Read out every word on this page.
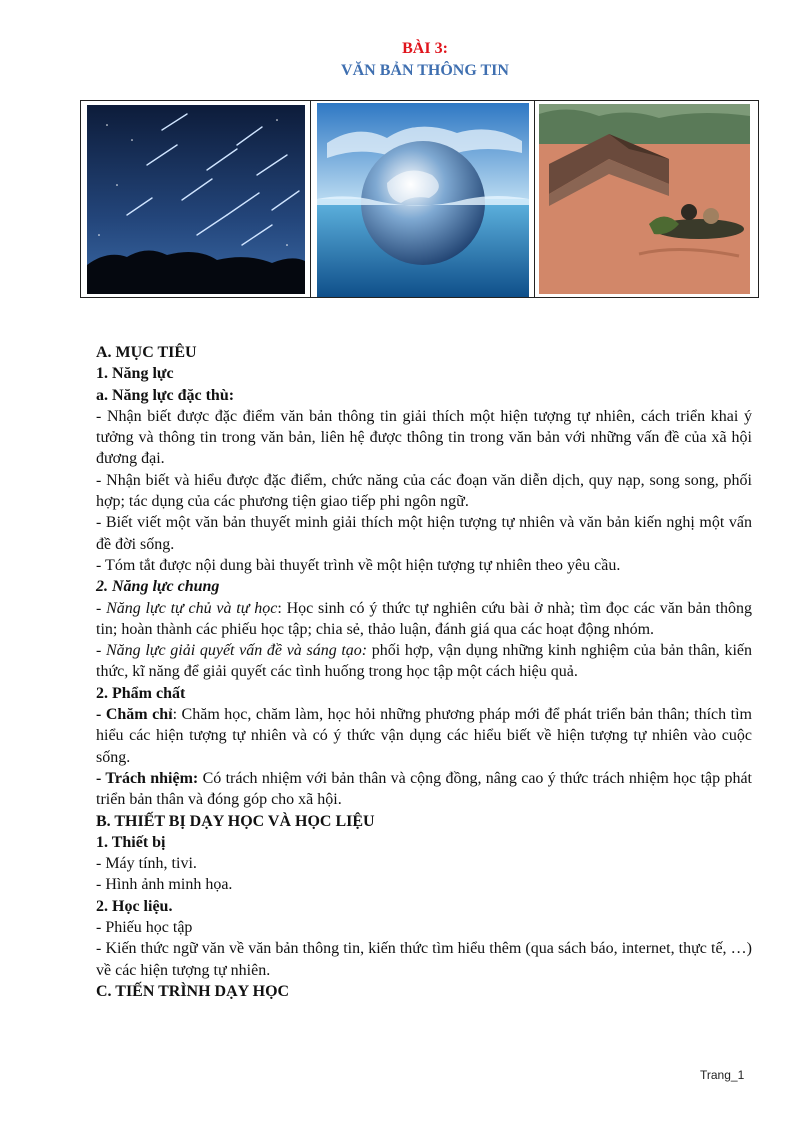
BÀI 3:
VĂN BẢN THÔNG TIN

A. MỤC TIÊU

1. Năng lực

a. Năng lực đặc thù:

- Nhận biết được đặc điểm văn bản thông tin giải thích một hiện tượng tự nhiên, cách triển khai ý tưởng và thông tin trong văn bản, liên hệ được thông tin trong văn bản với những vấn đề của xã hội đương đại.

- Nhận biết và hiểu được đặc điểm, chức năng của các đoạn văn diễn dịch, quy nạp, song song, phối hợp; tác dụng của các phương tiện giao tiếp phi ngôn ngữ.

- Biết viết một văn bản thuyết minh giải thích một hiện tượng tự nhiên và văn bản kiến nghị một vấn đề đời sống.

- Tóm tắt được nội dung bài thuyết trình về một hiện tượng tự nhiên theo yêu cầu.

2. Năng lực chung

- Năng lực tự chủ và tự học: Học sinh có ý thức tự nghiên cứu bài ở nhà; tìm đọc các văn bản thông tin; hoàn thành các phiếu học tập; chia sẻ, thảo luận, đánh giá qua các hoạt động nhóm.

- Năng lực giải quyết vấn đề và sáng tạo: phối hợp, vận dụng những kinh nghiệm của bản thân, kiến thức, kĩ năng để giải quyết các tình huống trong học tập một cách hiệu quả.

2. Phẩm chất

- Chăm chỉ: Chăm học, chăm làm, học hỏi những phương pháp mới để phát triển bản thân; thích tìm hiểu các hiện tượng tự nhiên và có ý thức vận dụng các hiểu biết về hiện tượng tự nhiên vào cuộc sống.

- Trách nhiệm: Có trách nhiệm với bản thân và cộng đồng, nâng cao ý thức trách nhiệm học tập phát triển bản thân và đóng góp cho xã hội.

B. THIẾT BỊ DẠY HỌC VÀ HỌC LIỆU

1. Thiết bị

- Máy tính, tivi.

- Hình ảnh minh họa.

2. Học liệu.

- Phiếu học tập

- Kiến thức ngữ văn về văn bản thông tin, kiến thức tìm hiểu thêm (qua sách báo, internet, thực tế, …) về các hiện tượng tự nhiên.

C. TIẾN TRÌNH DẠY HỌC

Trang_1
